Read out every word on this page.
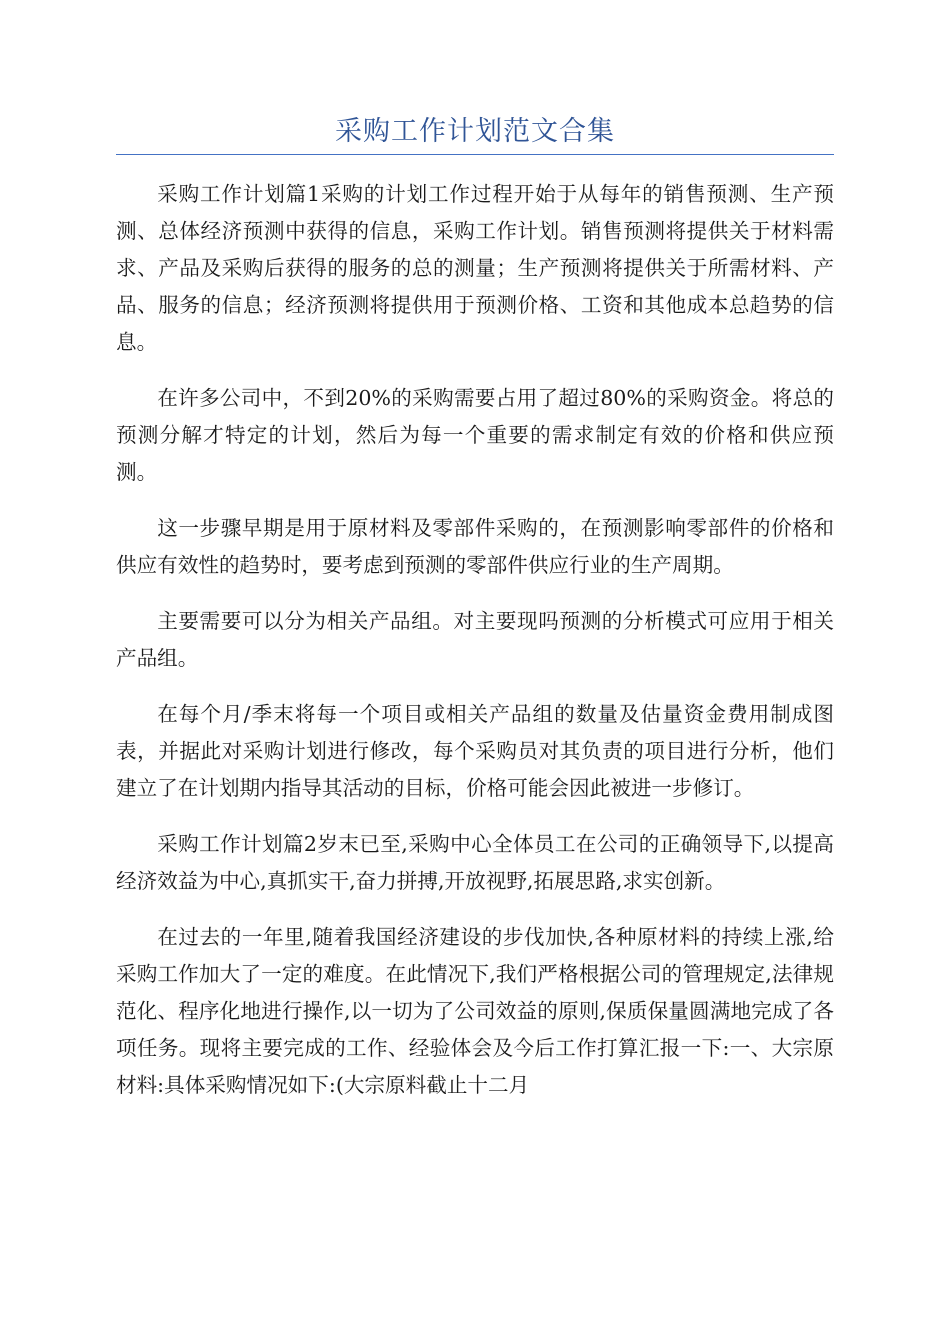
采购工作计划范文合集

采购工作计划篇1采购的计划工作过程开始于从每年的销售预测、生产预测、总体经济预测中获得的信息，采购工作计划。销售预测将提供关于材料需求、产品及采购后获得的服务的总的测量；生产预测将提供关于所需材料、产品、服务的信息；经济预测将提供用于预测价格、工资和其他成本总趋势的信息。

在许多公司中，不到20%的采购需要占用了超过80%的采购资金。将总的预测分解才特定的计划，然后为每一个重要的需求制定有效的价格和供应预测。

这一步骤早期是用于原材料及零部件采购的，在预测影响零部件的价格和供应有效性的趋势时，要考虑到预测的零部件供应行业的生产周期。

主要需要可以分为相关产品组。对主要现吗预测的分析模式可应用于相关产品组。

在每个月/季末将每一个项目或相关产品组的数量及估量资金费用制成图表，并据此对采购计划进行修改，每个采购员对其负责的项目进行分析，他们建立了在计划期内指导其活动的目标，价格可能会因此被进一步修订。

采购工作计划篇2岁末已至,采购中心全体员工在公司的正确领导下,以提高经济效益为中心,真抓实干,奋力拼搏,开放视野,拓展思路,求实创新。

在过去的一年里,随着我国经济建设的步伐加快,各种原材料的持续上涨,给采购工作加大了一定的难度。在此情况下,我们严格根据公司的管理规定,法律规范化、程序化地进行操作,以一切为了公司效益的原则,保质保量圆满地完成了各项任务。现将主要完成的工作、经验体会及今后工作打算汇报一下:一、大宗原材料:具体采购情况如下:(大宗原料截止十二月
